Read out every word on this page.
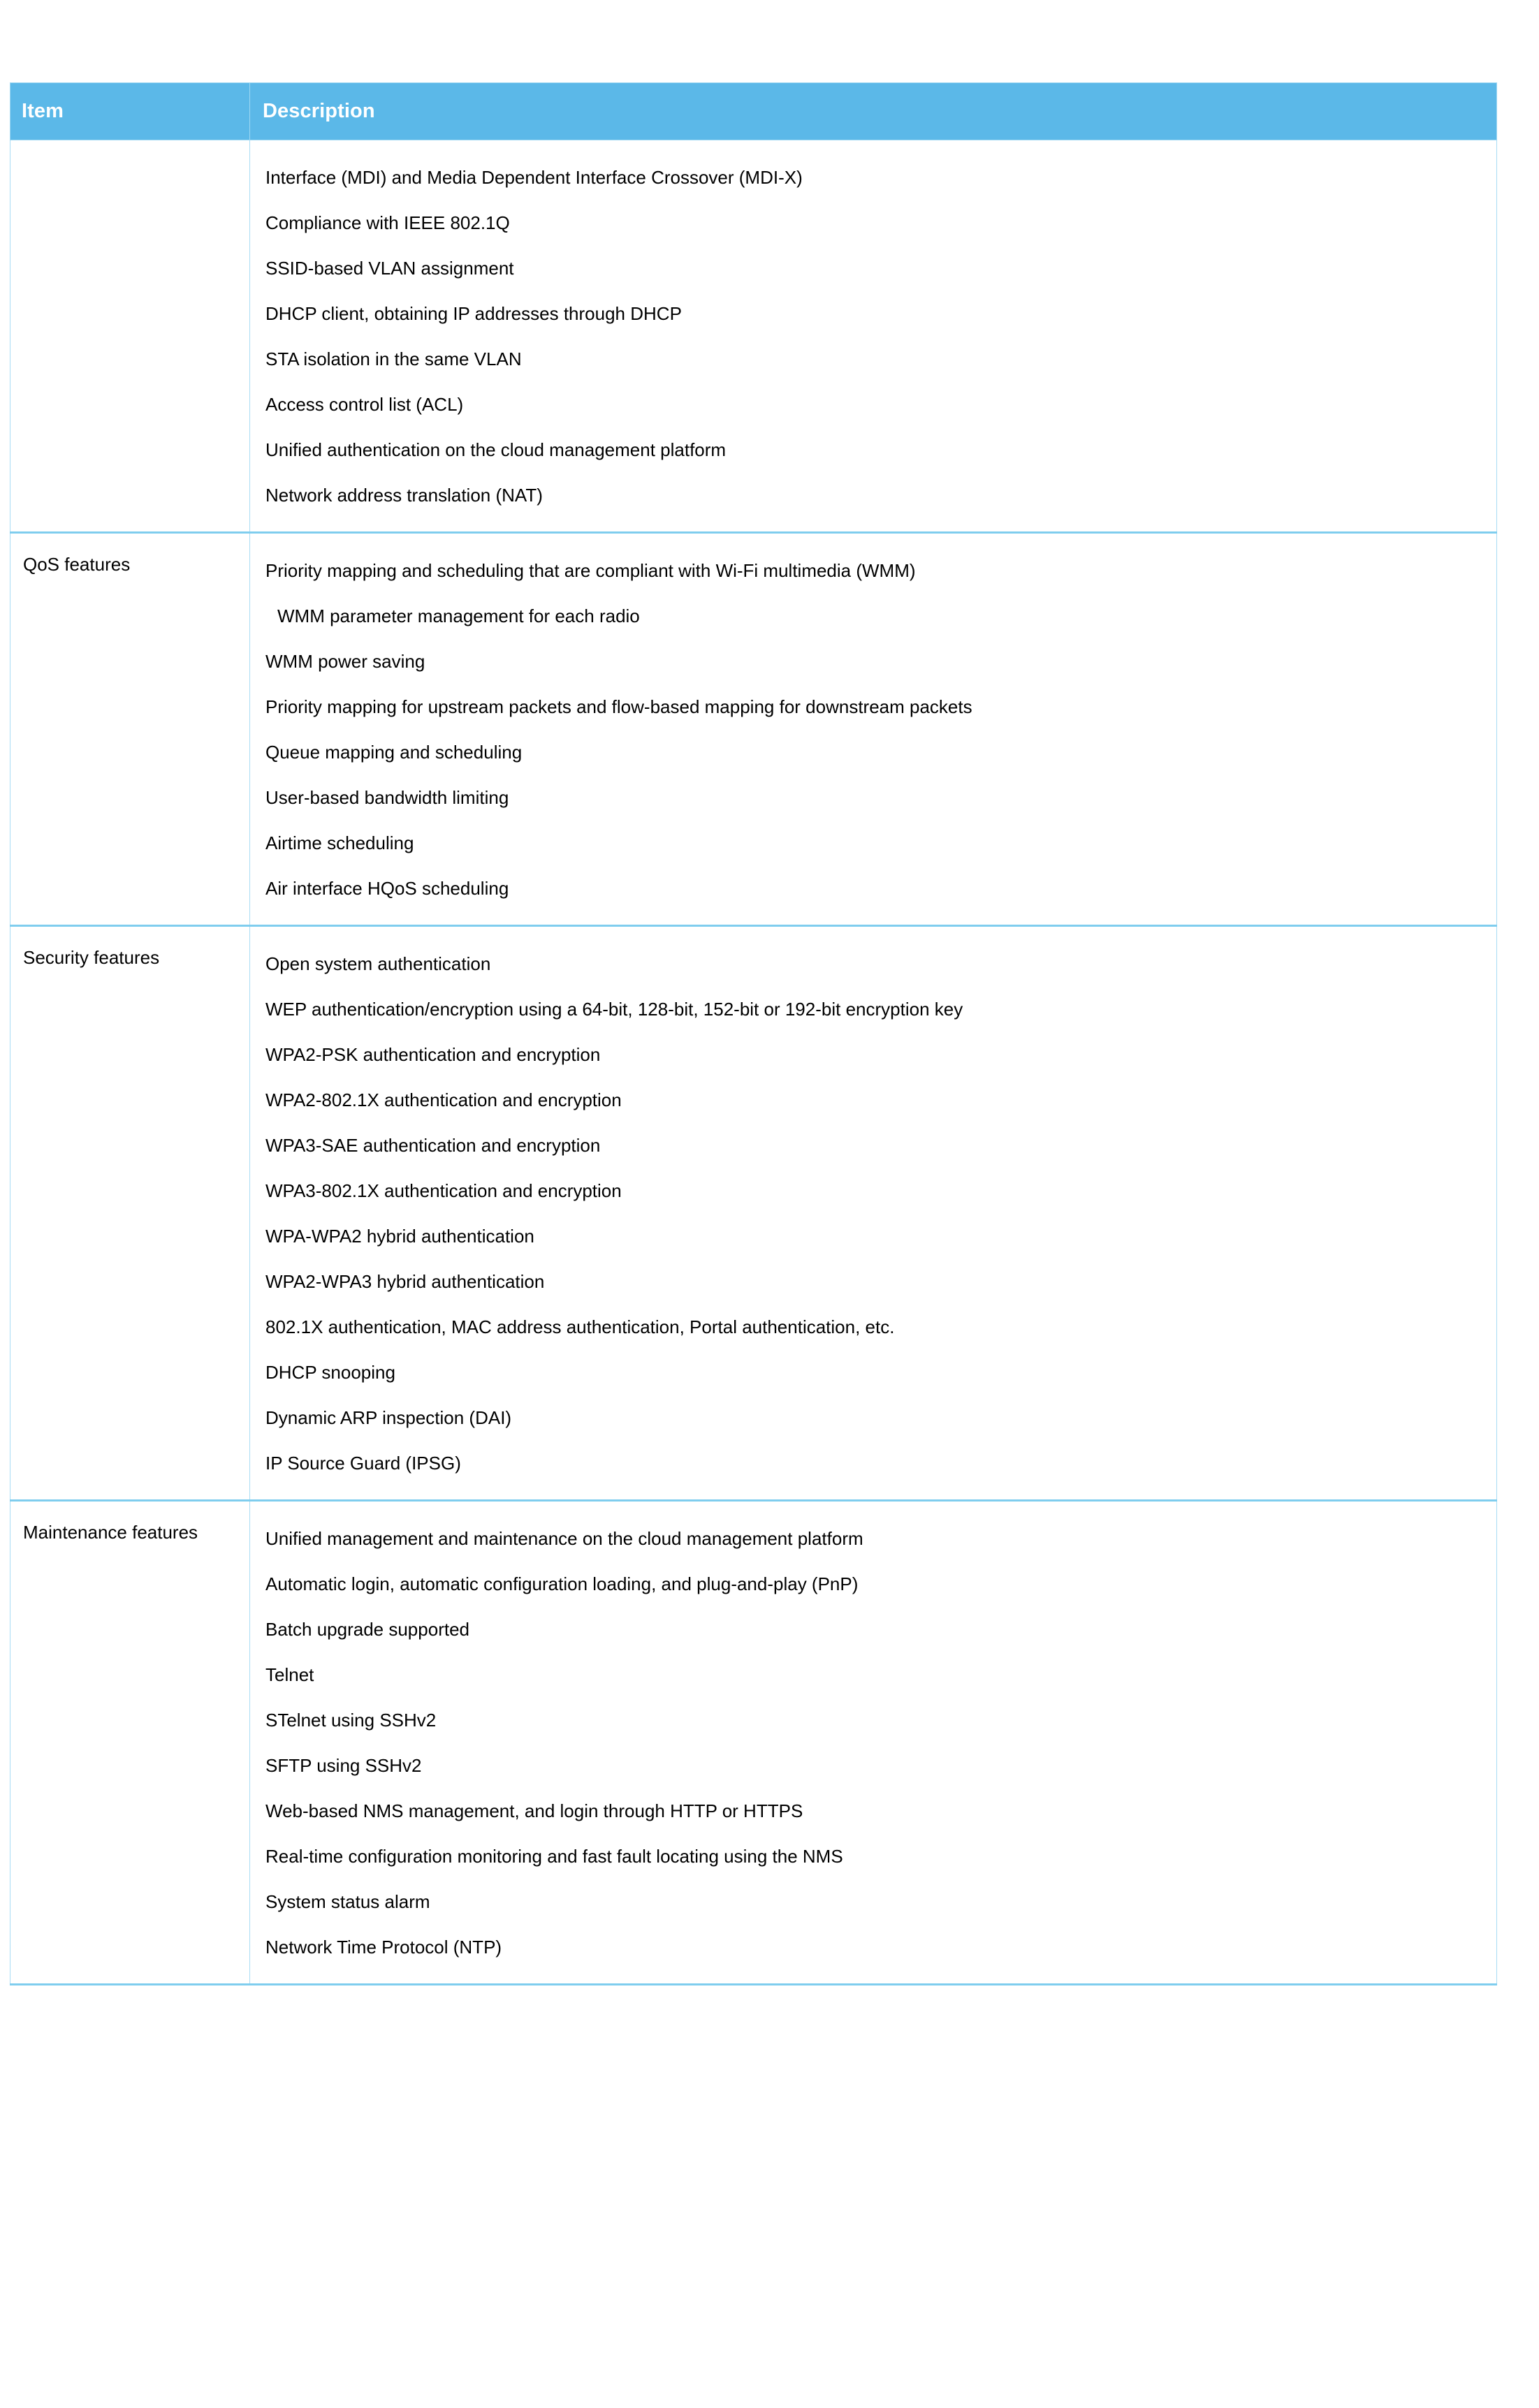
Item	Description

Interface (MDI) and Media Dependent Interface Crossover (MDI-X)
Compliance with IEEE 802.1Q
SSID-based VLAN assignment
DHCP client, obtaining IP addresses through DHCP
STA isolation in the same VLAN
Access control list (ACL)
Unified authentication on the cloud management platform
Network address translation (NAT)

QoS features	Priority mapping and scheduling that are compliant with Wi-Fi multimedia (WMM)
WMM parameter management for each radio
WMM power saving
Priority mapping for upstream packets and flow-based mapping for downstream packets
Queue mapping and scheduling
User-based bandwidth limiting
Airtime scheduling
Air interface HQoS scheduling

Security features	Open system authentication
WEP authentication/encryption using a 64-bit, 128-bit, 152-bit or 192-bit encryption key
WPA2-PSK authentication and encryption
WPA2-802.1X authentication and encryption
WPA3-SAE authentication and encryption
WPA3-802.1X authentication and encryption
WPA-WPA2 hybrid authentication
WPA2-WPA3 hybrid authentication
802.1X authentication, MAC address authentication, Portal authentication, etc.
DHCP snooping
Dynamic ARP inspection (DAI)
IP Source Guard (IPSG)

Maintenance features	Unified management and maintenance on the cloud management platform
Automatic login, automatic configuration loading, and plug-and-play (PnP)
Batch upgrade supported
Telnet
STelnet using SSHv2
SFTP using SSHv2
Web-based NMS management, and login through HTTP or HTTPS
Real-time configuration monitoring and fast fault locating using the NMS
System status alarm
Network Time Protocol (NTP)
